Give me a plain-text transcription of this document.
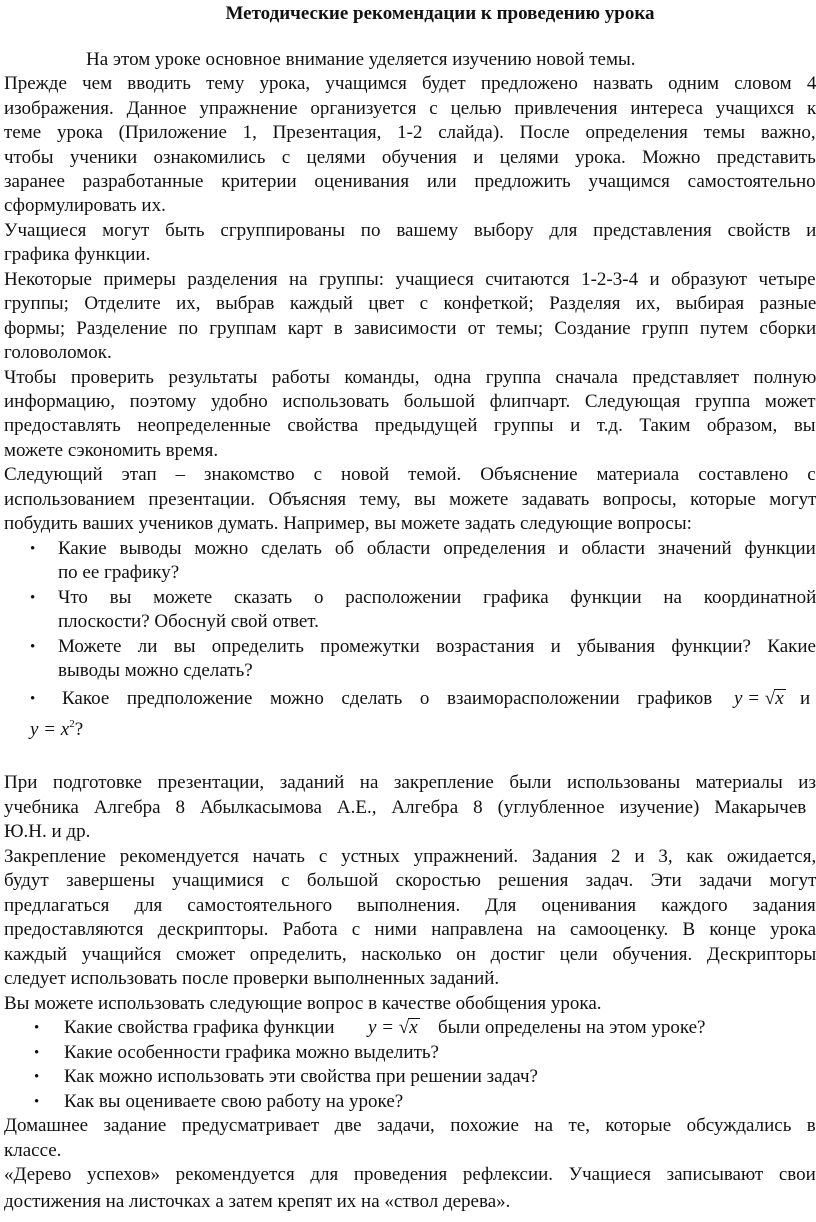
Методические рекомендации к проведению урока
На этом уроке основное внимание уделяется изучению новой темы.
Прежде чем вводить тему урока, учащимся будет предложено назвать одним словом 4
изображения. Данное упражнение организуется с целью привлечения интереса учащихся к
теме урока (Приложение 1, Презентация, 1-2 слайда). После определения темы важно,
чтобы ученики ознакомились с целями обучения и целями урока. Можно представить
заранее разработанные критерии оценивания или предложить учащимся самостоятельно
сформулировать их.
Учащиеся могут быть сгруппированы по вашему выбору для представления свойств и
графика функции.
Некоторые примеры разделения на группы: учащиеся считаются 1-2-3-4 и образуют четыре
группы; Отделите их, выбрав каждый цвет с конфеткой; Разделяя их, выбирая разные
формы; Разделение по группам карт в зависимости от темы; Создание групп путем сборки
головоломок.
Чтобы проверить результаты работы команды, одна группа сначала представляет полную
информацию, поэтому удобно использовать большой флипчарт. Следующая группа может
предоставлять неопределенные свойства предыдущей группы и т.д. Таким образом, вы
можете сэкономить время.
Следующий этап – знакомство с новой темой. Объяснение материала составлено с
использованием презентации. Объясняя тему, вы можете задавать вопросы, которые могут
побудить ваших учеников думать. Например, вы можете задать следующие вопросы:
Какие выводы можно сделать об области определения и области значений функции
по ее графику?
Что вы можете сказать о расположении графика функции на координатной
плоскости? Обоснуй свой ответ.
Можете ли вы определить промежутки возрастания и убывания функции? Какие
выводы можно сделать?
Какое предположение можно сделать о взаиморасположении графиков	и
При подготовке презентации, заданий на закрепление были использованы материалы из
учебника Алгебра 8 Абылкасымова А.Е., Алгебра 8 (углубленное изучение) Макарычев
Ю.Н. и др.
Закрепление рекомендуется начать с устных упражнений. Задания 2 и 3, как ожидается,
будут завершены учащимися с большой скоростью решения задач. Эти задачи могут
предлагаться для самостоятельного выполнения. Для оценивания каждого задания
предоставляются дескрипторы. Работа с ними направлена на самооценку. В конце урока
каждый учащийся сможет определить, насколько он достиг цели обучения. Дескрипторы
следует использовать после проверки выполненных заданий.
Вы можете использовать следующие вопрос в качестве обобщения урока.
Какие свойства графика функции	были определены на этом уроке?
Какие особенности графика можно выделить?
Как можно использовать эти свойства при решении задач?
Как вы оцениваете свою работу на уроке?
Домашнее задание предусматривает две задачи, похожие на те, которые обсуждались в
классе.
«Дерево успехов» рекомендуется для проведения рефлексии. Учащиеся записывают свои
достижения на листочках а затем крепят их на «ствол дерева».
•
•
•
•
•
•
•
•
y = √x
$y = x^2$?
y = √x
